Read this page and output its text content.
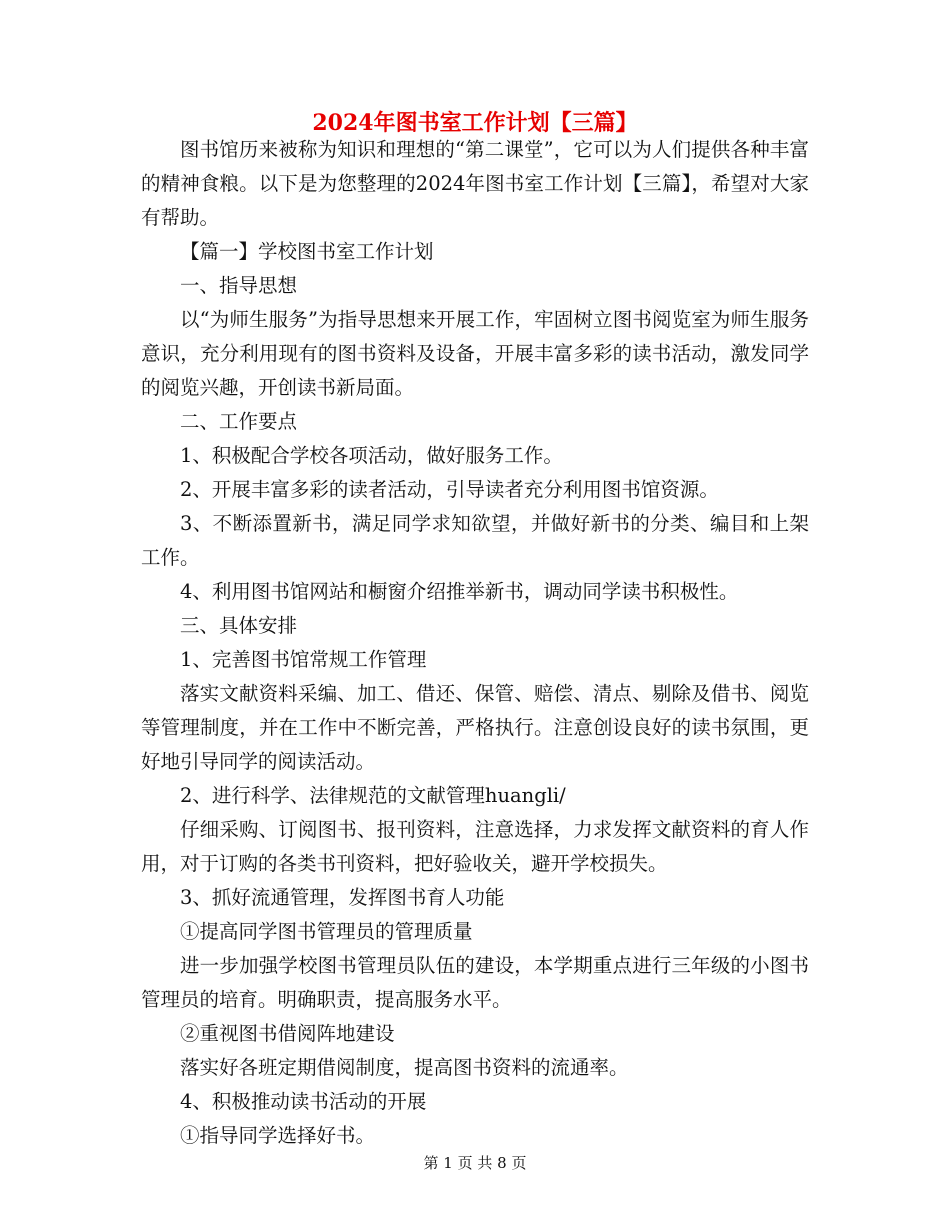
2024年图书室工作计划【三篇】

图书馆历来被称为知识和理想的“第二课堂”，它可以为人们提供各种丰富的精神食粮。以下是为您整理的2024年图书室工作计划【三篇】，希望对大家有帮助。

【篇一】学校图书室工作计划

一、指导思想

以“为师生服务”为指导思想来开展工作，牢固树立图书阅览室为师生服务意识，充分利用现有的图书资料及设备，开展丰富多彩的读书活动，激发同学的阅览兴趣，开创读书新局面。

二、工作要点

1、积极配合学校各项活动，做好服务工作。

2、开展丰富多彩的读者活动，引导读者充分利用图书馆资源。

3、不断添置新书，满足同学求知欲望，并做好新书的分类、编目和上架工作。

4、利用图书馆网站和橱窗介绍推举新书，调动同学读书积极性。

三、具体安排

1、完善图书馆常规工作管理

落实文献资料采编、加工、借还、保管、赔偿、清点、剔除及借书、阅览等管理制度，并在工作中不断完善，严格执行。注意创设良好的读书氛围，更好地引导同学的阅读活动。

2、进行科学、法律规范的文献管理huangli/

仔细采购、订阅图书、报刊资料，注意选择，力求发挥文献资料的育人作用，对于订购的各类书刊资料，把好验收关，避开学校损失。

3、抓好流通管理，发挥图书育人功能

①提高同学图书管理员的管理质量

进一步加强学校图书管理员队伍的建设，本学期重点进行三年级的小图书管理员的培育。明确职责，提高服务水平。

②重视图书借阅阵地建设

落实好各班定期借阅制度，提高图书资料的流通率。

4、积极推动读书活动的开展

①指导同学选择好书。

第 1 页 共 8 页
